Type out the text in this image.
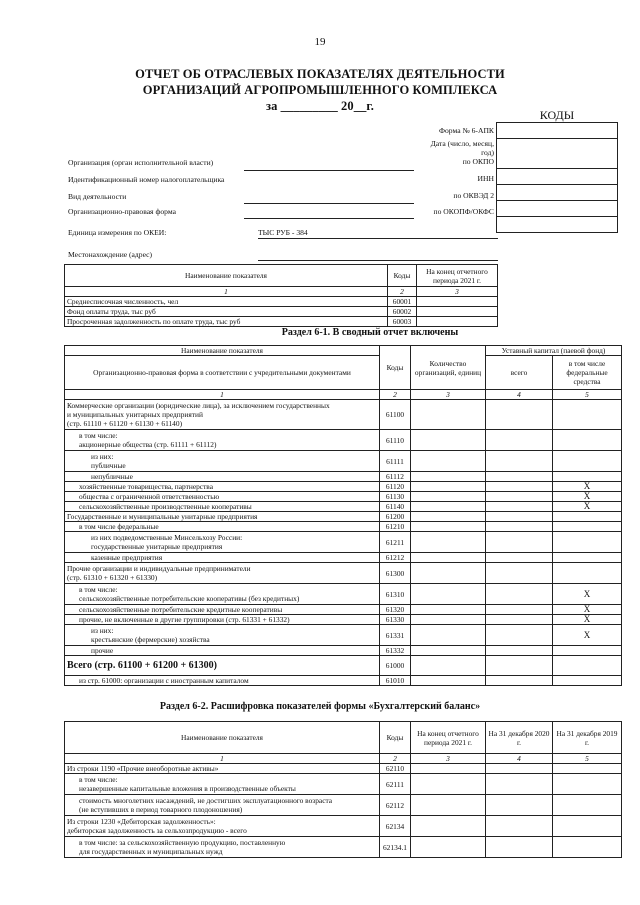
19
ОТЧЕТ ОБ ОТРАСЛЕВЫХ ПОКАЗАТЕЛЯХ ДЕЯТЕЛЬНОСТИ
ОРГАНИЗАЦИЙ АГРОПРОМЫШЛЕННОГО КОМПЛЕКСА
за _________ 20__г.
КОДЫ

Форма № 6-АПК
Дата (число, месяц, год)
по ОКПО
ИНН
по ОКВЭД 2
по ОКОПФ/ОКФС
Организация (орган исполнительной власти)
Идентификационный номер налогоплательщика
Вид деятельности
Организационно-правовая форма
Единица измерения по ОКЕИ:	ТЫС РУБ - 384
Местонахождение (адрес)
Наименование показателя	Коды	На конец отчетного периода 2021 г.
1	2	3
Среднесписочная численность, чел	60001	
Фонд оплаты труда, тыс руб	60002	
Просроченная задолженность по оплате труда, тыс руб	60003	
Раздел 6-1. В сводный отчет включены
Наименование показателя	Коды	Количество организаций, единиц	Уставный капитал (паевой фонд)	
Организационно-правовая форма в соответствии с учредительными документами			всего	в том числе федеральные средства
1	2	3	4	5

Коммерческие организации (юридические лица), за исключением государственных
и муниципальных унитарных предприятий
(стр. 61110 + 61120 + 61130 + 61140)	61100			

в том числе:
акционерные общества (стр. 61111 + 61112)	61110			

из них:
публичные	61111			

непубличные	61112			

хозяйственные товарищества, партнерства	61120			X

общества с ограниченной ответственностью	61130			X

сельскохозяйственные производственные кооперативы	61140			X

Государственные и муниципальные унитарные предприятия	61200			

в том числе федеральные	61210			

из них подведомственные Минсельхозу России:
государственные унитарные предприятия	61211			

казенные предприятия	61212			

Прочие организации и индивидуальные предприниматели
(стр. 61310 + 61320 + 61330)	61300			

в том числе:
сельскохозяйственные потребительские кооперативы (без кредитных)	61310			X

сельскохозяйственные потребительские кредитные кооперативы	61320			X

прочие, не включенные в другие группировки (стр. 61331 + 61332)	61330			X

из них:
крестьянские (фермерские) хозяйства	61331			X

прочие	61332			

Всего (стр. 61100 + 61200 + 61300)	61000			

из стр. 61000: организации с иностранным капиталом	61010			
Раздел 6-2. Расшифровка показателей формы «Бухгалтерский баланс»
Наименование показателя	Коды	На конец отчетного периода 2021 г.	На 31 декабря 2020 г.	На 31 декабря 2019 г.
1	2	3	4	5

Из строки 1190 «Прочие внеоборотные активы»	62110			

в том числе:
незавершенные капитальные вложения в производственные объекты	62111			

стоимость многолетних насаждений, не достигших эксплуатационного возраста
(не вступивших в период товарного плодоношения)	62112			

Из строки 1230 «Дебиторская задолженность»:
дебиторская задолженность за сельхозпродукцию - всего	62134			

в том числе: за сельскохозяйственную продукцию, поставленную
для государственных и муниципальных нужд	62134.1			
